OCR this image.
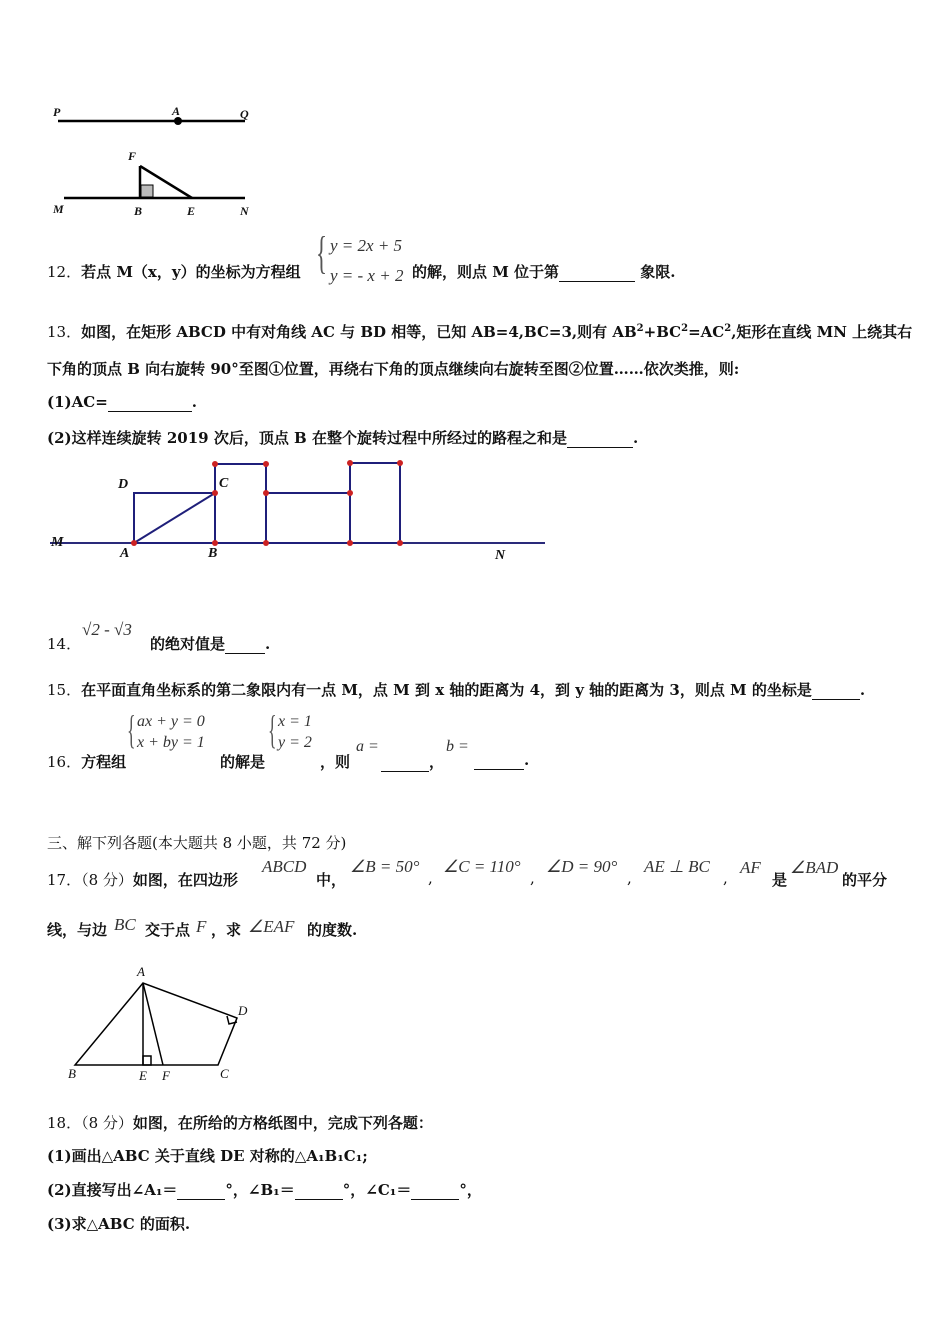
P	A	Q
F
M	B	E	N
12．若点 M（x，y）的坐标为方程组 { y = 2x + 5
y = - x + 2 的解，则点 M 位于第	象限.
13．如图，在矩形 ABCD 中有对角线 AC 与 BD 相等，已知 AB=4,BC=3,则有 $AB^2+BC^2=AC^2$,矩形在直线 MN 上绕其右
下角的顶点 B 向右旋转 90°至图①位置，再绕右下角的顶点继续向右旋转至图②位置……依次类推，则:
(1)AC=	.
(2)这样连续旋转 2019 次后，顶点 B 在整个旋转过程中所经过的路程之和是	.
D	C
M
A	B	N
14．
√2 - √3
的绝对值是	.
15．在平面直角坐标系的第二象限内有一点 M，点 M 到 x 轴的距离为 4，到 y 轴的距离为 3，则点 M 的坐标是	.
16．方程组
{ ax + y = 0
x + by = 1
的解是
{ x = 1
y = 2
，则
a =
，
b =
.
三、解下列各题(本大题共 8 小题，共 72 分)
17．（8 分）如图，在四边形
ABCD
中，
∠B = 50°
,
∠C = 110°
,
∠D = 90°
,
AE ⊥ BC
,
AF
是
∠BAD
的平分
线，与边 BC 交于点 F ，求 ∠EAF 的度数.
A
D
B	E F	C
18．（8 分）如图，在所给的方格纸图中，完成下列各题：
(1)画出△ABC 关于直线 DE 对称的△A₁B₁C₁;
(2)直接写出∠A₁＝	°，∠B₁＝	°，∠C₁＝	°，
(3)求△ABC 的面积.
